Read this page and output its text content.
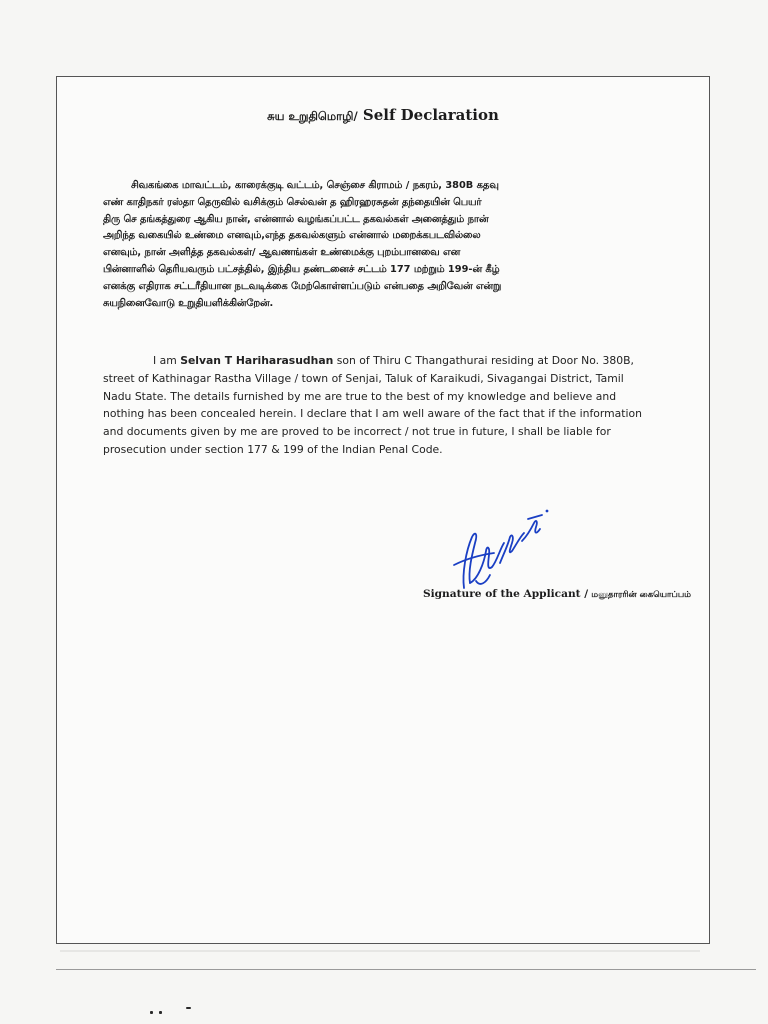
சுய உறுதிமொழி/ Self Declaration

சிவகங்கை மாவட்டம், காரைக்குடி வட்டம், செஞ்சை கிராமம் / நகரம், 380B கதவு
எண் காதிநகர் ரஸ்தா தெருவில் வசிக்கும் செல்வன் த ஹிரஹரசுதன் தந்தையின் பெயர்
திரு செ தங்கத்துரை ஆகிய நான், என்னால் வழங்கப்பட்ட தகவல்கள் அனைத்தும் நான்
அறிந்த வகையில் உண்மை எனவும்,எந்த தகவல்களும் என்னால் மறைக்கபடவில்லை
எனவும், நான் அளித்த தகவல்கள்/ ஆவணங்கள் உண்மைக்கு புறம்பானவை என
பின்னாளில் தெரியவரும் பட்சத்தில், இந்திய தண்டனைச் சட்டம் 177 மற்றும் 199-ன் கீழ்
எனக்கு எதிராக சட்டரீதியான நடவடிக்கை மேற்கொள்ளப்படும் என்பதை அறிவேன் என்று
சுயநினைவோடு உறுதியளிக்கின்றேன்.

I am Selvan T Hariharasudhan son of Thiru C Thangathurai residing at Door No. 380B,
street of Kathinagar Rastha Village / town of Senjai, Taluk of Karaikudi, Sivagangai District, Tamil
Nadu State. The details furnished by me are true to the best of my knowledge and believe and
nothing has been concealed herein. I declare that I am well aware of the fact that if the information
and documents given by me are proved to be incorrect / not true in future, I shall be liable for
prosecution under section 177 & 199 of the Indian Penal Code.

Signature of the Applicant / மனுதாரரின் கையொப்பம்
